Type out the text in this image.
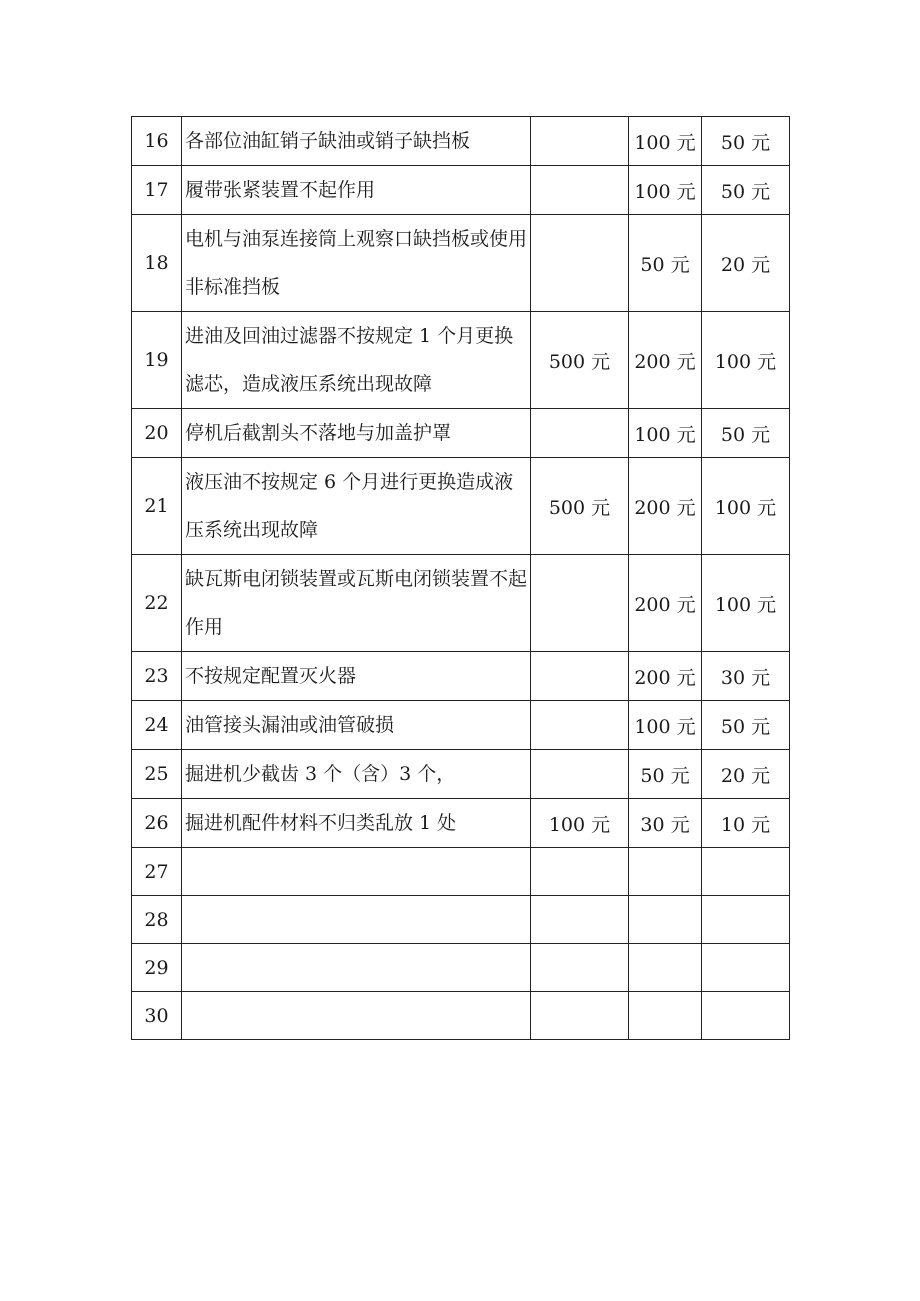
16	各部位油缸销子缺油或销子缺挡板		100 元	50 元
17	履带张紧装置不起作用		100 元	50 元
18	电机与油泵连接筒上观察口缺挡板或使用非标准挡板		50 元	20 元
19	进油及回油过滤器不按规定 1 个月更换滤芯，造成液压系统出现故障	500 元	200 元	100 元
20	停机后截割头不落地与加盖护罩		100 元	50 元
21	液压油不按规定 6 个月进行更换造成液压系统出现故障	500 元	200 元	100 元
22	缺瓦斯电闭锁装置或瓦斯电闭锁装置不起作用		200 元	100 元
23	不按规定配置灭火器		200 元	30 元
24	油管接头漏油或油管破损		100 元	50 元
25	掘进机少截齿 3 个（含）3 个，		50 元	20 元
26	掘进机配件材料不归类乱放 1 处	100 元	30 元	10 元
27				
28				
29				
30				
